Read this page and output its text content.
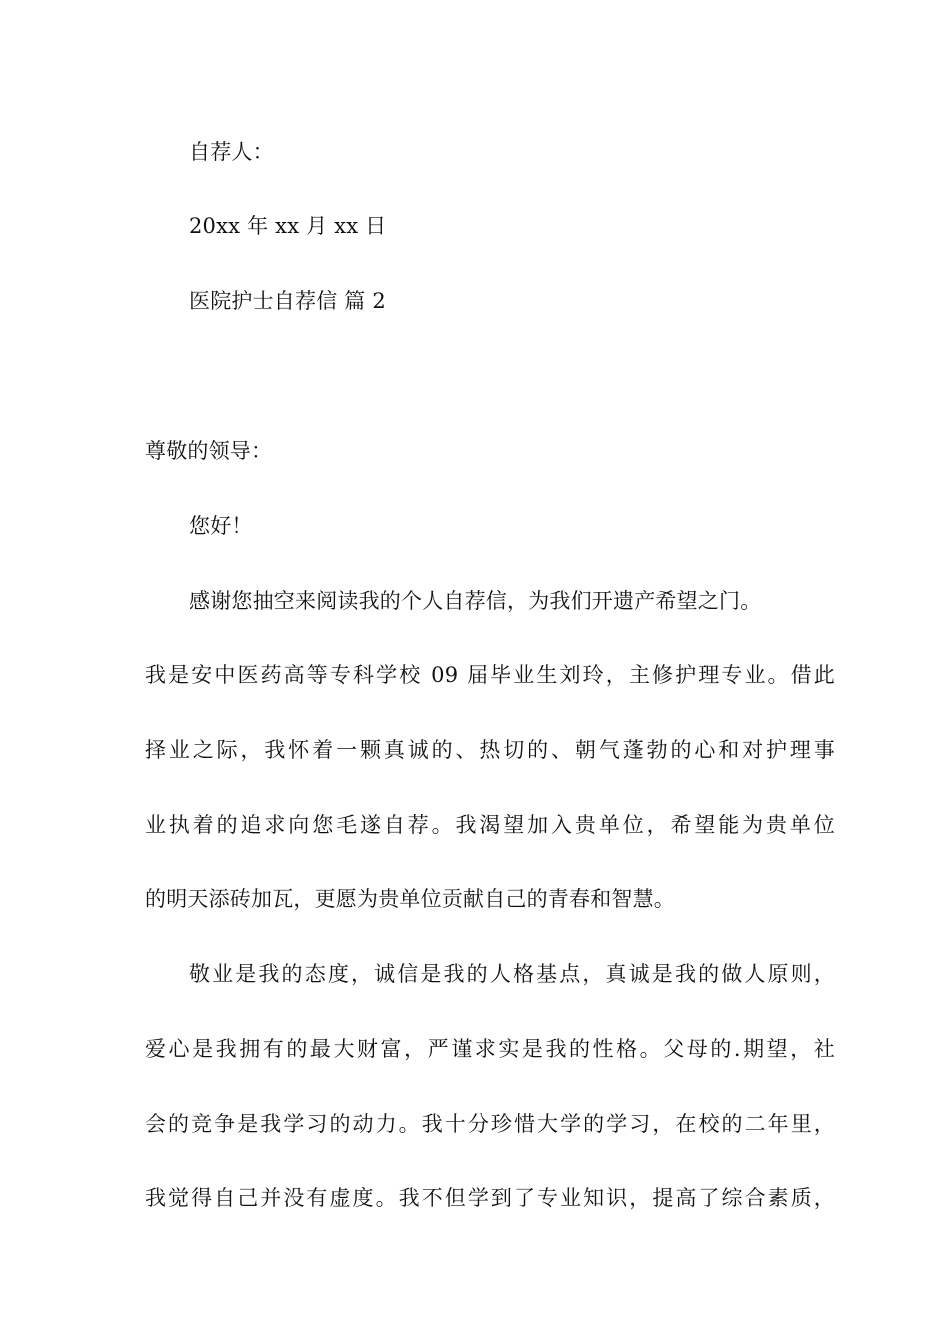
自荐人：
20xx 年 xx 月 xx 日
医院护士自荐信 篇 2
尊敬的领导：
您好！
感谢您抽空来阅读我的个人自荐信，为我们开遗产希望之门。
我是安中医药高等专科学校 09 届毕业生刘玲，主修护理专业。借此
择业之际，我怀着一颗真诚的、热切的、朝气蓬勃的心和对护理事
业执着的追求向您毛遂自荐。我渴望加入贵单位，希望能为贵单位
的明天添砖加瓦，更愿为贵单位贡献自己的青春和智慧。
敬业是我的态度，诚信是我的人格基点，真诚是我的做人原则，
爱心是我拥有的最大财富，严谨求实是我的性格。父母的.期望，社
会的竞争是我学习的动力。我十分珍惜大学的学习，在校的二年里，
我觉得自己并没有虚度。我不但学到了专业知识，提高了综合素质，
